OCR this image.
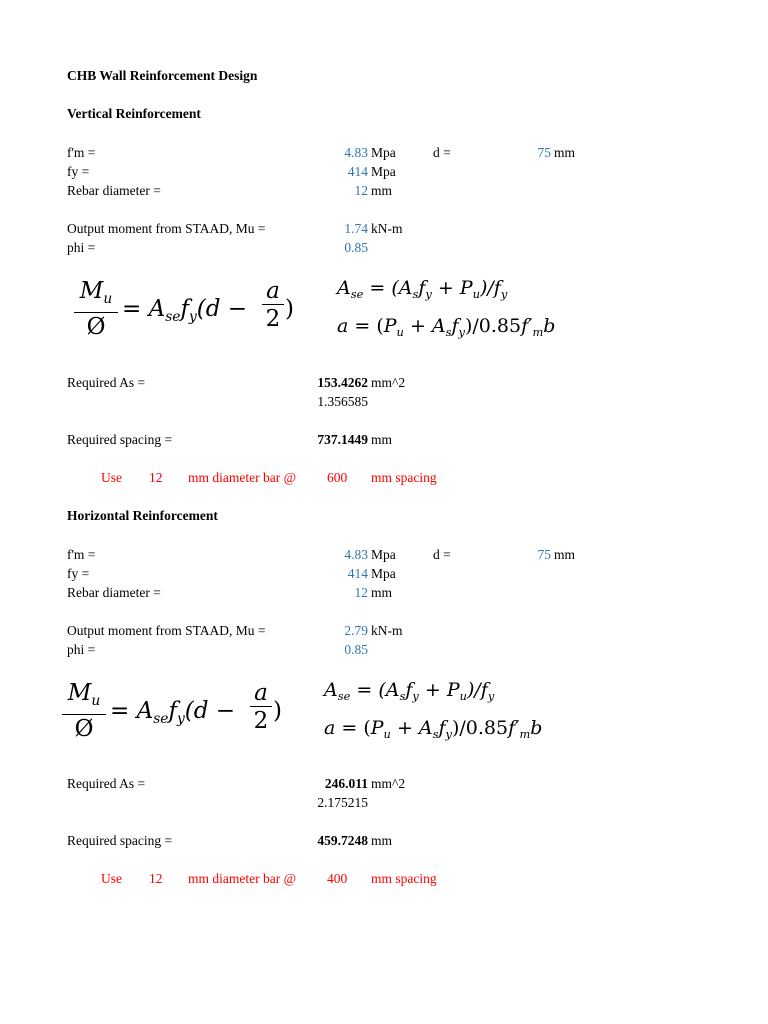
CHB Wall Reinforcement Design
Vertical Reinforcement
f'm =	4.83 Mpa	d =	75 mm
fy =	414 Mpa
Rebar diameter =	12 mm
Output moment from STAAD, Mu =	1.74 kN-m
phi =	0.85
$M_u$
Ø
= $A_{se}f_y(d$ −
a
2 )
$A_{se} = (A_sf_y + P_u)/f_y$
$a = (P_u + A_sf_y)/0.85f'_mb$
Required As =	153.4262 mm^2
1.356585
Required spacing =	737.1449 mm
Use 12 mm diameter bar @ 600 mm spacing
Horizontal Reinforcement
f'm =	4.83 Mpa	d =	75 mm
fy =	414 Mpa
Rebar diameter =	12 mm
Output moment from STAAD, Mu =	2.79 kN-m
phi =	0.85
$M_u$
Ø
= $A_{se}f_y(d$ −
a
2 )
$A_{se} = (A_sf_y + P_u)/f_y$
$a = (P_u + A_sf_y)/0.85f'_mb$
Required As =	246.011 mm^2
2.175215
Required spacing =	459.7248 mm
Use 12 mm diameter bar @ 400 mm spacing
